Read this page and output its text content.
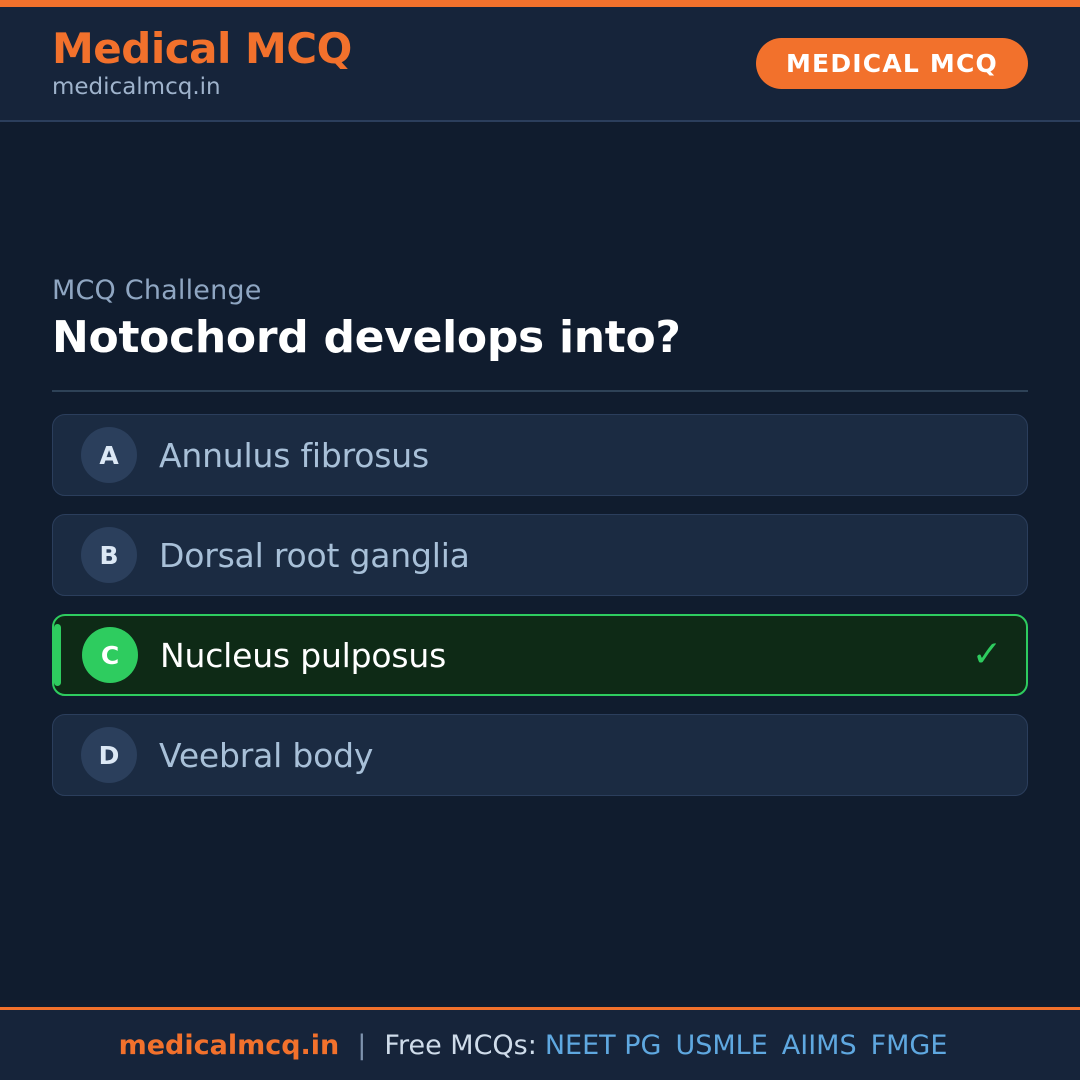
Medical MCQ
medicalmcq.in
MEDICAL MCQ
MCQ Challenge
Notochord develops into?
A	Annulus fibrosus
B	Dorsal root ganglia
C	Nucleus pulposus	✓
D	Veebral body
medicalmcq.in | Free MCQs: NEET PG USMLE AIIMS FMGE
